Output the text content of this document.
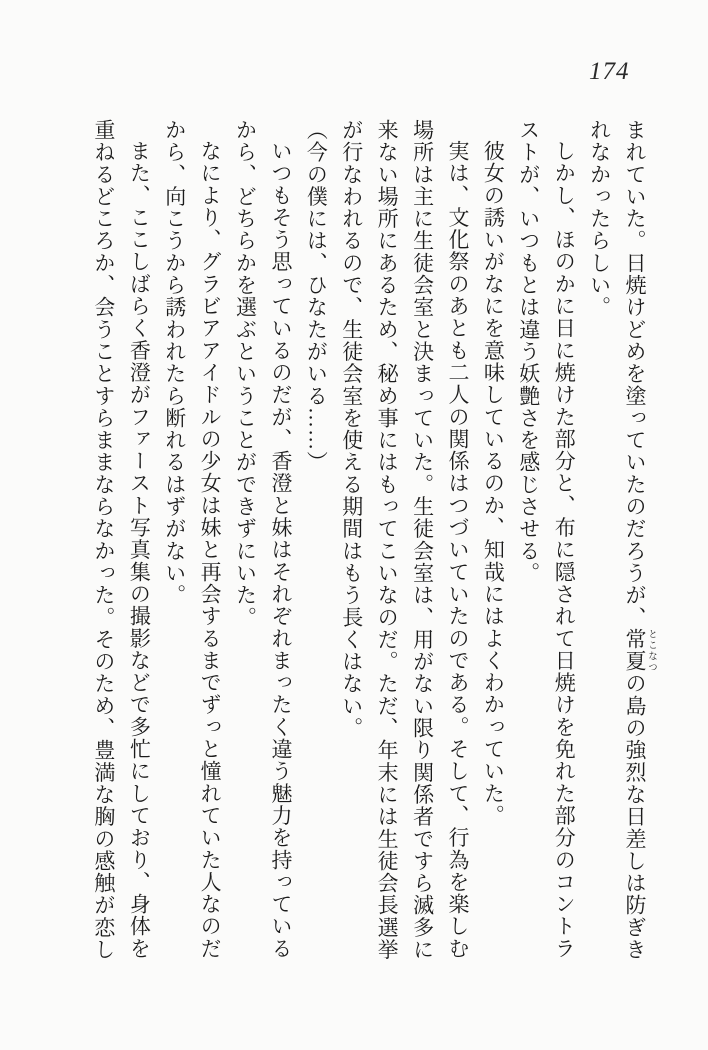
174

まれていた。日焼けどめを塗っていたのだろうが、常夏 とこなつの島の強烈な日差しは防ぎきれなかったらしい。

しかし、ほのかに日に焼けた部分と、布に隠されて日焼けを免れた部分のコントラストが、いつもとは違う妖艶さを感じさせる。

彼女の誘いがなにを意味しているのか、知哉にはよくわかっていた。

実は、文化祭のあとも二人の関係はつづいていたのである。そして、行為を楽しむ場所は主に生徒会室と決まっていた。生徒会室は、用がない限り関係者ですら滅多に来ない場所にあるため、秘め事にはもってこいなのだ。ただ、年末には生徒会長選挙が行なわれるので、生徒会室を使える期間はもう長くはない。

（今の僕には、ひなたがいる……）

いつもそう思っているのだが、香澄と妹はそれぞれまったく違う魅力を持っているから、どちらかを選ぶということができずにいた。

なにより、グラビアアイドルの少女は妹と再会するまでずっと憧れていた人なのだから、向こうから誘われたら断れるはずがない。

また、ここしばらく香澄がファースト写真集の撮影などで多忙にしており、身体を重ねるどころか、会うことすらままならなかった。そのため、豊満な胸の感触が恋し
